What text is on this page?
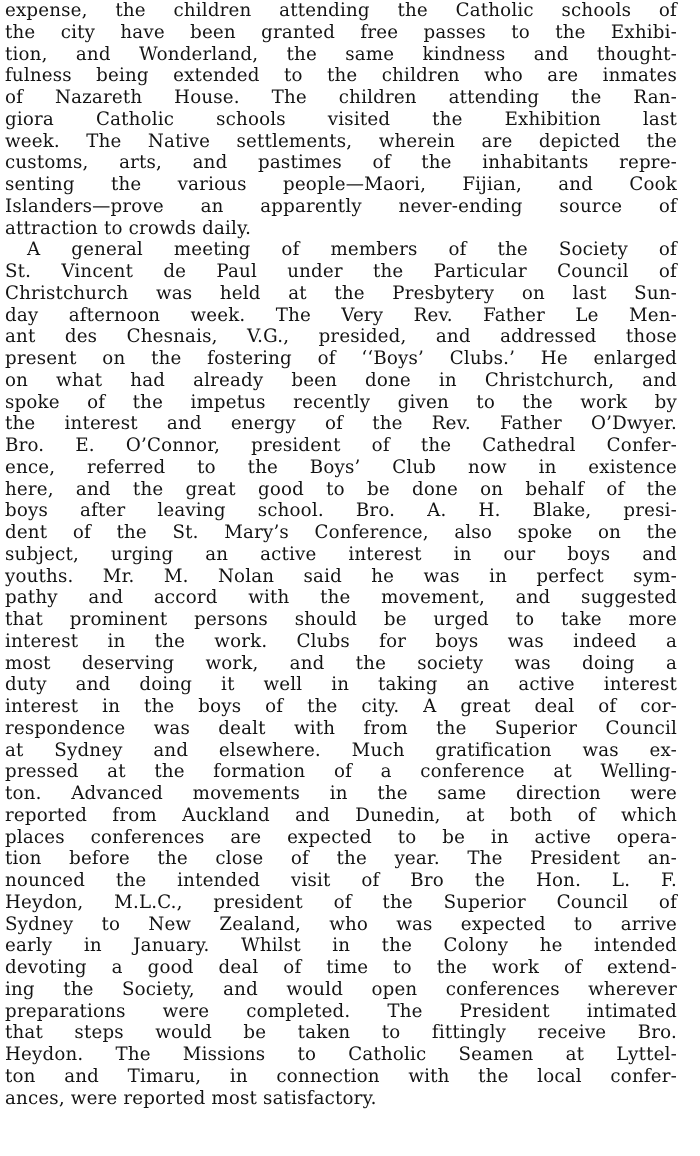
expense, the children attending the Catholic schools of
the city have been granted free passes to the Exhibi-
tion, and Wonderland, the same kindness and thought-
fulness being extended to the children who are inmates
of Nazareth House. The children attending the Ran-
giora Catholic schools visited the Exhibition last
week. The Native settlements, wherein are depicted the
customs, arts, and pastimes of the inhabitants repre-
senting the various people—Maori, Fijian, and Cook
Islanders—prove an apparently never-ending source of
attraction to crowds daily.
A general meeting of members of the Society of
St. Vincent de Paul under the Particular Council of
Christchurch was held at the Presbytery on last Sun-
day afternoon week. The Very Rev. Father Le Men-
ant des Chesnais, V.G., presided, and addressed those
present on the fostering of ‘‘Boys’ Clubs.’ He enlarged
on what had already been done in Christchurch, and
spoke of the impetus recently given to the work by
the interest and energy of the Rev. Father O’Dwyer.
Bro. E. O’Connor, president of the Cathedral Confer-
ence, referred to the Boys’ Club now in existence
here, and the great good to be done on behalf of the
boys after leaving school. Bro. A. H. Blake, presi-
dent of the St. Mary’s Conference, also spoke on the
subject, urging an active interest in our boys and
youths. Mr. M. Nolan said he was in perfect sym-
pathy and accord with the movement, and suggested
that prominent persons should be urged to take more
interest in the work. Clubs for boys was indeed a
most deserving work, and the society was doing a
duty and doing it well in taking an active interest
interest in the boys of the city. A great deal of cor-
respondence was dealt with from the Superior Council
at Sydney and elsewhere. Much gratification was ex-
pressed at the formation of a conference at Welling-
ton. Advanced movements in the same direction were
reported from Auckland and Dunedin, at both of which
places conferences are expected to be in active opera-
tion before the close of the year. The President an-
nounced the intended visit of Bro the Hon. L. F.
Heydon, M.L.C., president of the Superior Council of
Sydney to New Zealand, who was expected to arrive
early in January. Whilst in the Colony he intended
devoting a good deal of time to the work of extend-
ing the Society, and would open conferences wherever
preparations were completed. The President intimated
that steps would be taken to fittingly receive Bro.
Heydon. The Missions to Catholic Seamen at Lyttel-
ton and Timaru, in connection with the local confer-
ances, were reported most satisfactory.
